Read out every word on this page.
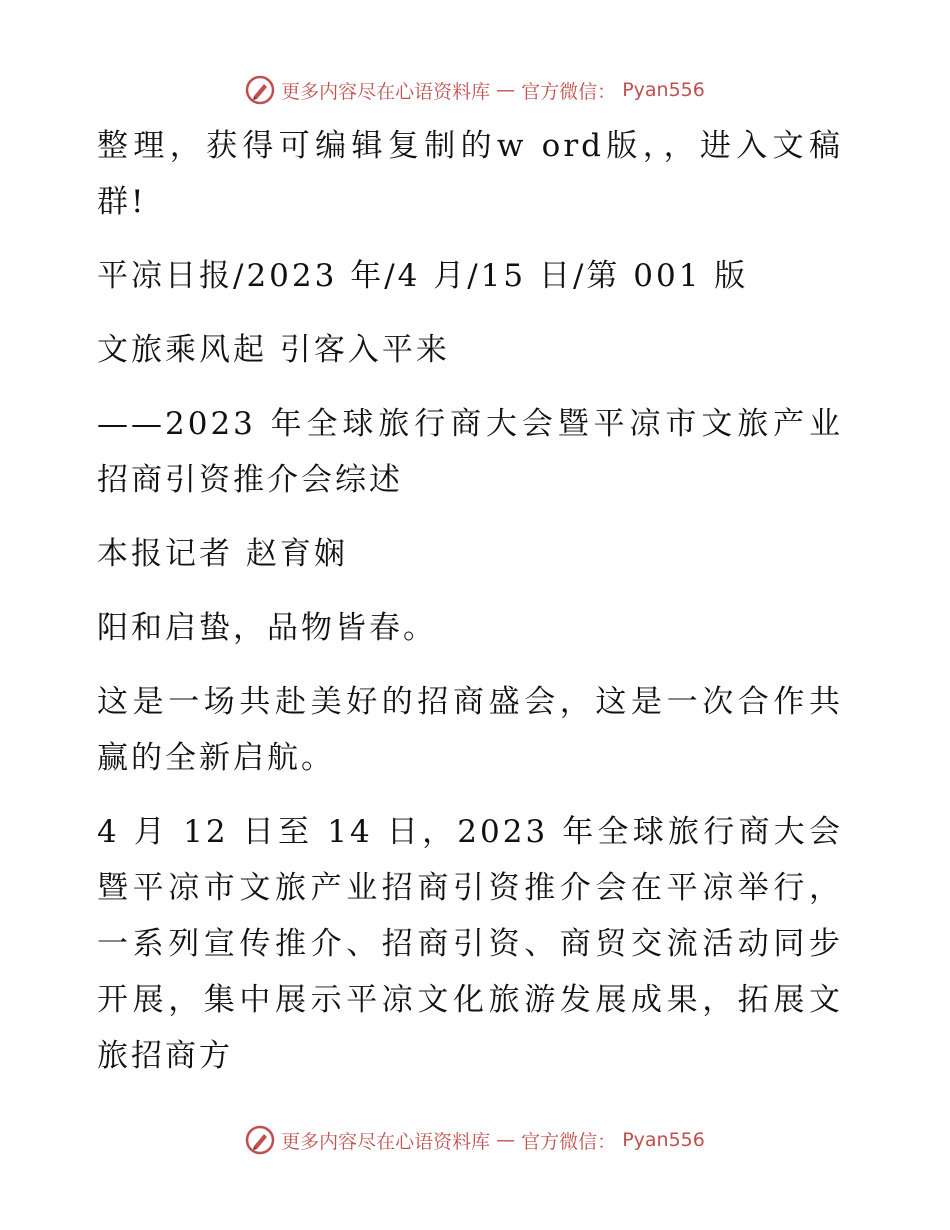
更多内容尽在心语资料库 — 官方微信： Pyan556

整理，获得可编辑复制的w ord版，，进入文稿群!

平凉日报/2023 年/4 月/15 日/第 001 版

文旅乘风起 引客入平来

——2023 年全球旅行商大会暨平凉市文旅产业招商引资推介会综述

本报记者 赵育娴

阳和启蛰，品物皆春。

这是一场共赴美好的招商盛会，这是一次合作共赢的全新启航。

4 月 12 日至 14 日，2023 年全球旅行商大会暨平凉市文旅产业招商引资推介会在平凉举行，一系列宣传推介、招商引资、商贸交流活动同步开展，集中展示平凉文化旅游发展成果，拓展文旅招商方

更多内容尽在心语资料库 — 官方微信： Pyan556
